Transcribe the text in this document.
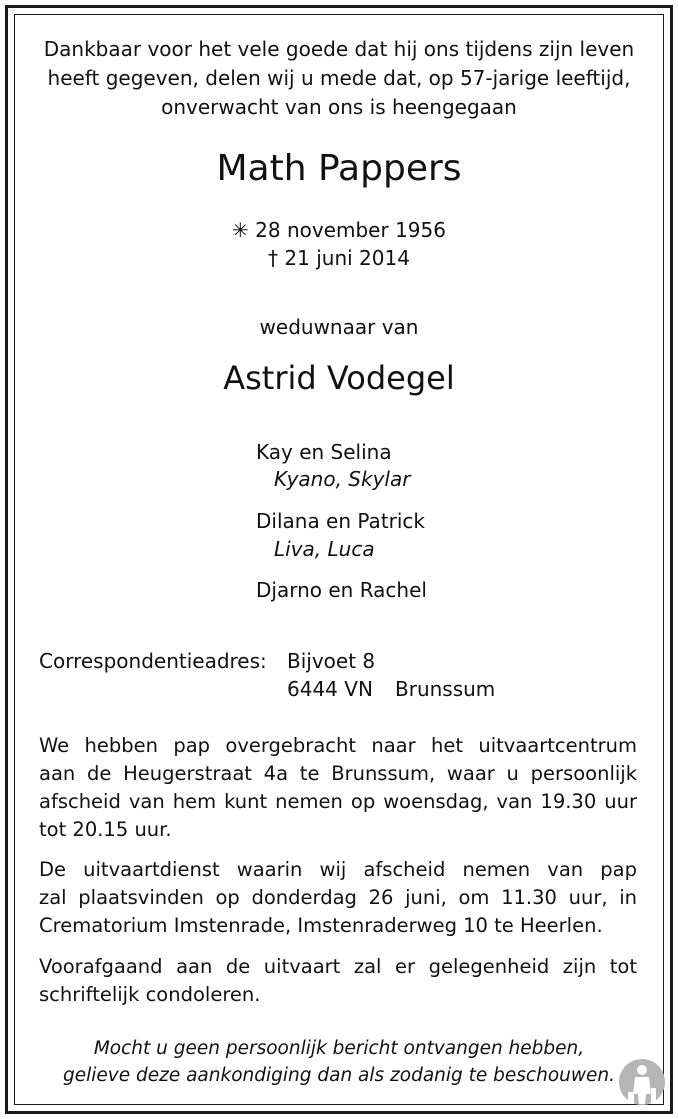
Dankbaar voor het vele goede dat hij ons tijdens zijn leven
heeft gegeven, delen wij u mede dat, op 57-jarige leeftijd,
onverwacht van ons is heengegaan
Math Pappers
✳ 28 november 1956
† 21 juni 2014
weduwnaar van
Astrid Vodegel
Kay en Selina
Kyano, Skylar
Dilana en Patrick
Liva, Luca
Djarno en Rachel
Correspondentieadres: Bijvoet 8
6444 VN Brunssum
We hebben pap overgebracht naar het uitvaartcentrum
aan de Heugerstraat 4a te Brunssum, waar u persoonlijk
afscheid van hem kunt nemen op woensdag, van 19.30 uur
tot 20.15 uur.
De uitvaartdienst waarin wij afscheid nemen van pap
zal plaatsvinden op donderdag 26 juni, om 11.30 uur, in
Crematorium Imstenrade, Imstenraderweg 10 te Heerlen.
Voorafgaand aan de uitvaart zal er gelegenheid zijn tot
schriftelijk condoleren.
Mocht u geen persoonlijk bericht ontvangen hebben,
gelieve deze aankondiging dan als zodanig te beschouwen.
